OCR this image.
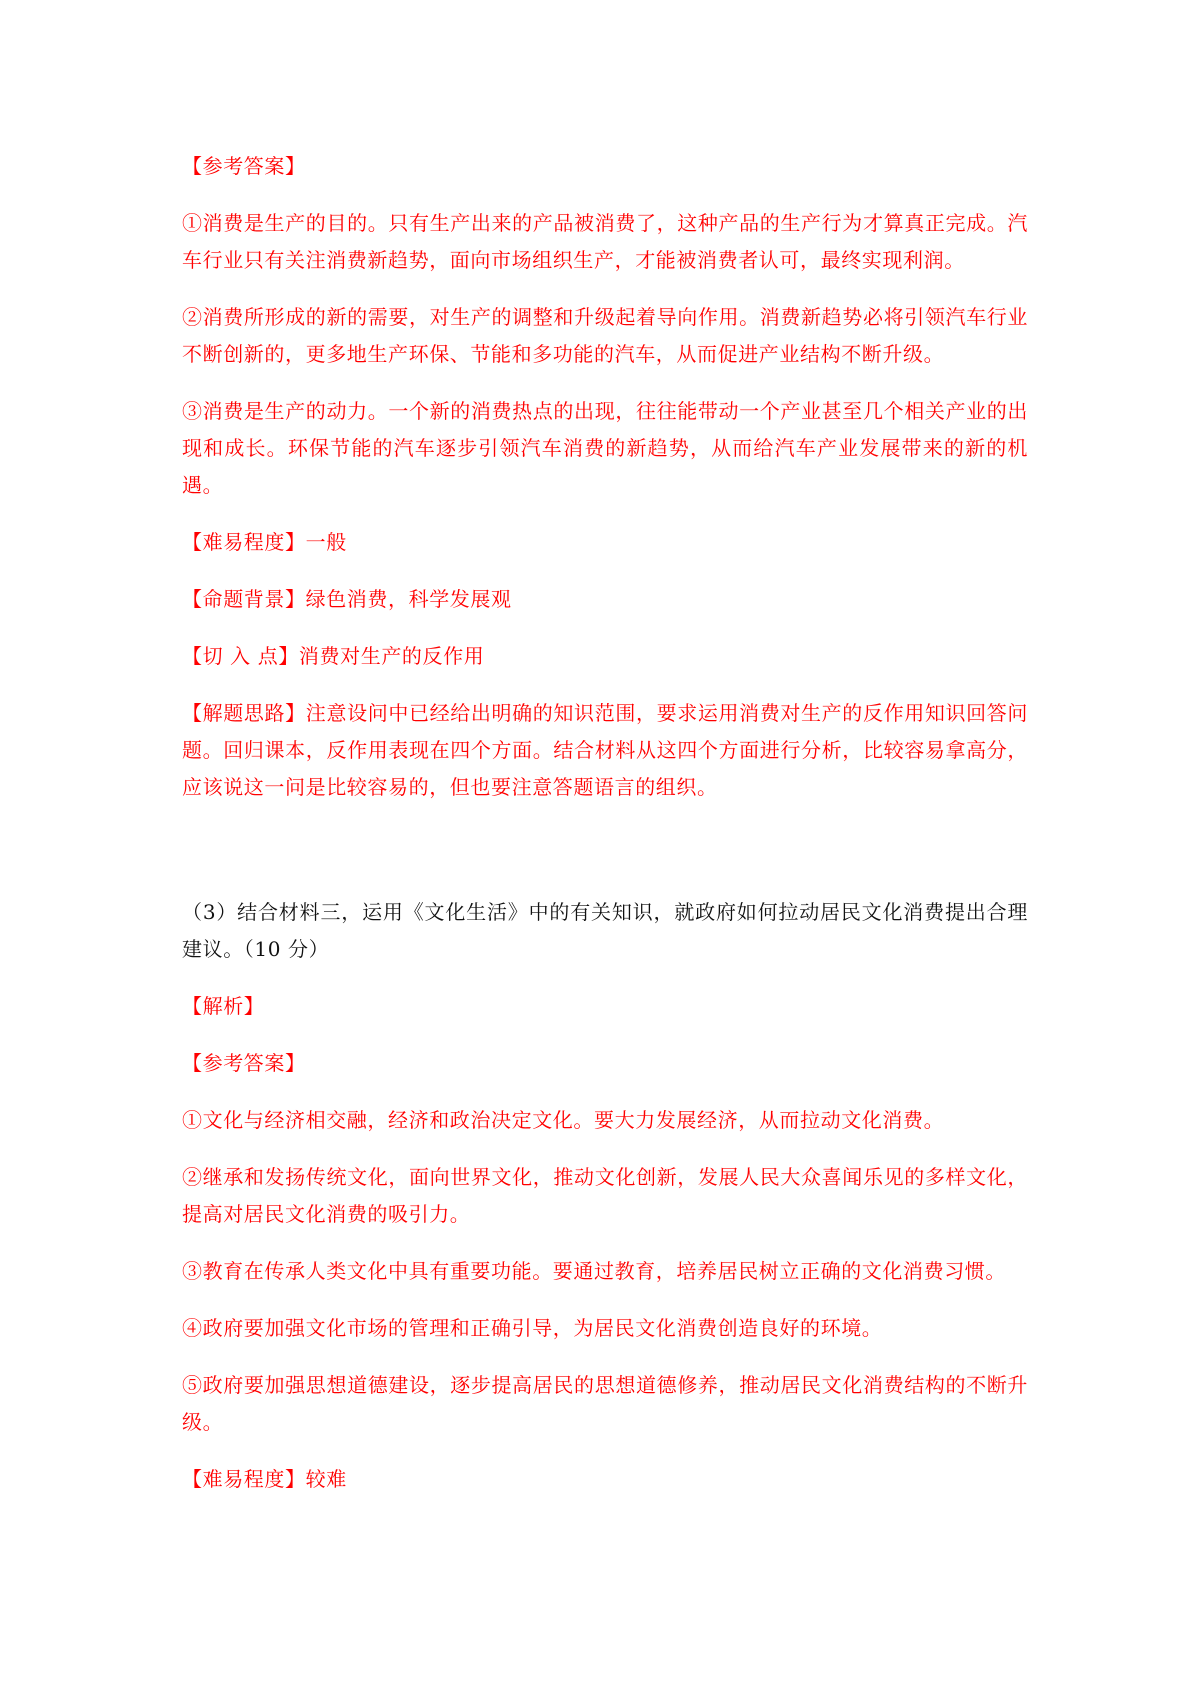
【参考答案】

①消费是生产的目的。只有生产出来的产品被消费了，这种产品的生产行为才算真正完成。汽车行业只有关注消费新趋势，面向市场组织生产，才能被消费者认可，最终实现利润。

②消费所形成的新的需要，对生产的调整和升级起着导向作用。消费新趋势必将引领汽车行业不断创新的，更多地生产环保、节能和多功能的汽车，从而促进产业结构不断升级。

③消费是生产的动力。一个新的消费热点的出现，往往能带动一个产业甚至几个相关产业的出现和成长。环保节能的汽车逐步引领汽车消费的新趋势，从而给汽车产业发展带来的新的机遇。

【难易程度】一般

【命题背景】绿色消费，科学发展观

【切 入 点】消费对生产的反作用

【解题思路】注意设问中已经给出明确的知识范围，要求运用消费对生产的反作用知识回答问题。回归课本，反作用表现在四个方面。结合材料从这四个方面进行分析，比较容易拿高分，应该说这一问是比较容易的，但也要注意答题语言的组织。

（3）结合材料三，运用《文化生活》中的有关知识，就政府如何拉动居民文化消费提出合理建议。（10 分）

【解析】

【参考答案】

①文化与经济相交融，经济和政治决定文化。要大力发展经济，从而拉动文化消费。

②继承和发扬传统文化，面向世界文化，推动文化创新，发展人民大众喜闻乐见的多样文化，提高对居民文化消费的吸引力。

③教育在传承人类文化中具有重要功能。要通过教育，培养居民树立正确的文化消费习惯。

④政府要加强文化市场的管理和正确引导，为居民文化消费创造良好的环境。

⑤政府要加强思想道德建设，逐步提高居民的思想道德修养，推动居民文化消费结构的不断升级。

【难易程度】较难
